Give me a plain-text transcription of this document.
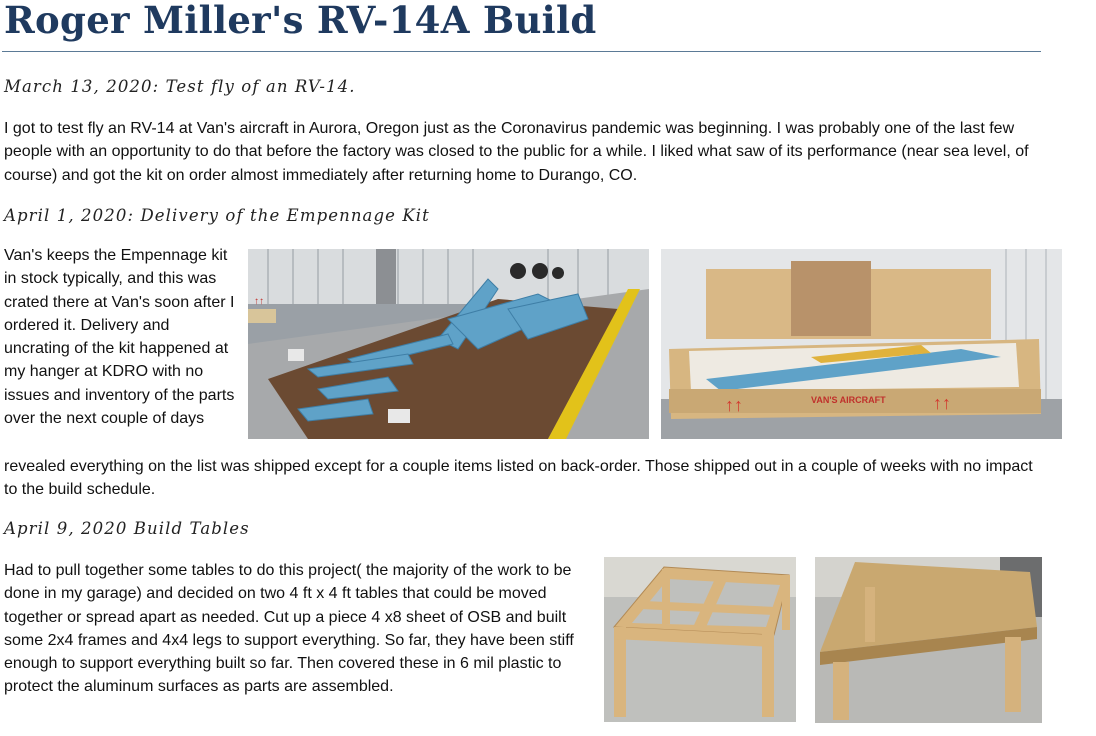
Roger Miller's RV-14A Build
March 13, 2020: Test fly of an RV-14.

I got to test fly an RV-14 at Van's aircraft in Aurora, Oregon just as the Coronavirus pandemic was beginning. I was probably one of the last few people with an opportunity to do that before the factory was closed to the public for a while. I liked what saw of its performance (near sea level, of course) and got the kit on order almost immediately after returning home to Durango, CO.

April 1, 2020: Delivery of the Empennage Kit

Van's keeps the Empennage kit in stock typically, and this was crated there at Van's soon after I ordered it. Delivery and uncrating of the kit happened at my hanger at KDRO with no issues and inventory of the parts over the next couple of days

↑↑
VAN'S AIRCRAFT
↑↑	↑↑

revealed everything on the list was shipped except for a couple items listed on back-order. Those shipped out in a couple of weeks with no impact to the build schedule.

April 9, 2020 Build Tables

Had to pull together some tables to do this project( the majority of the work to be done in my garage) and decided on two 4 ft x 4 ft tables that could be moved together or spread apart as needed. Cut up a piece 4 x8 sheet of OSB and built some 2x4 frames and 4x4 legs to support everything. So far, they have been stiff enough to support everything built so far. Then covered these in 6 mil plastic to protect the aluminum surfaces as parts are assembled.
